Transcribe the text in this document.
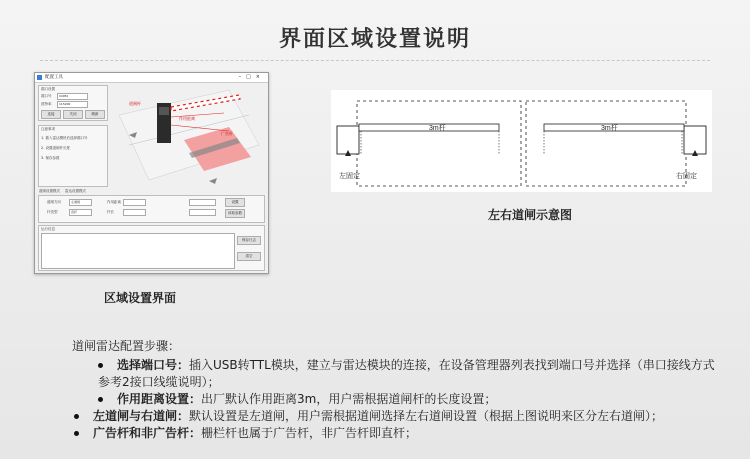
界面区域设置说明
配置工具	–□×
端口设置
端口号	COM4
波特率	115200
连接	关闭	刷新
注意事项
1. 插入雷达模块后选择端口号
2. 设置道闸杆长度
3. 保存参数
道闸杆
作用距离
广告杆
道闸设置模式 雷达设置模式
道闸方向	左道闸
杆类型	直杆
作用距离
杆长
设置
读取参数
运行信息
保存日志
清空
区域设置界面
3m杆	3m杆
左固定	右固定
左右道闸示意图
道闸雷达配置步骤：
选择端口号：插入USB转TTL模块，建立与雷达模块的连接，在设备管理器列表找到端口号并选择（串口接线方式参考2接口线缆说明）；
作用距离设置：出厂默认作用距离3m，用户需根据道闸杆的长度设置；
左道闸与右道闸：默认设置是左道闸，用户需根据道闸选择左右道闸设置（根据上图说明来区分左右道闸）；
广告杆和非广告杆：栅栏杆也属于广告杆，非广告杆即直杆；
